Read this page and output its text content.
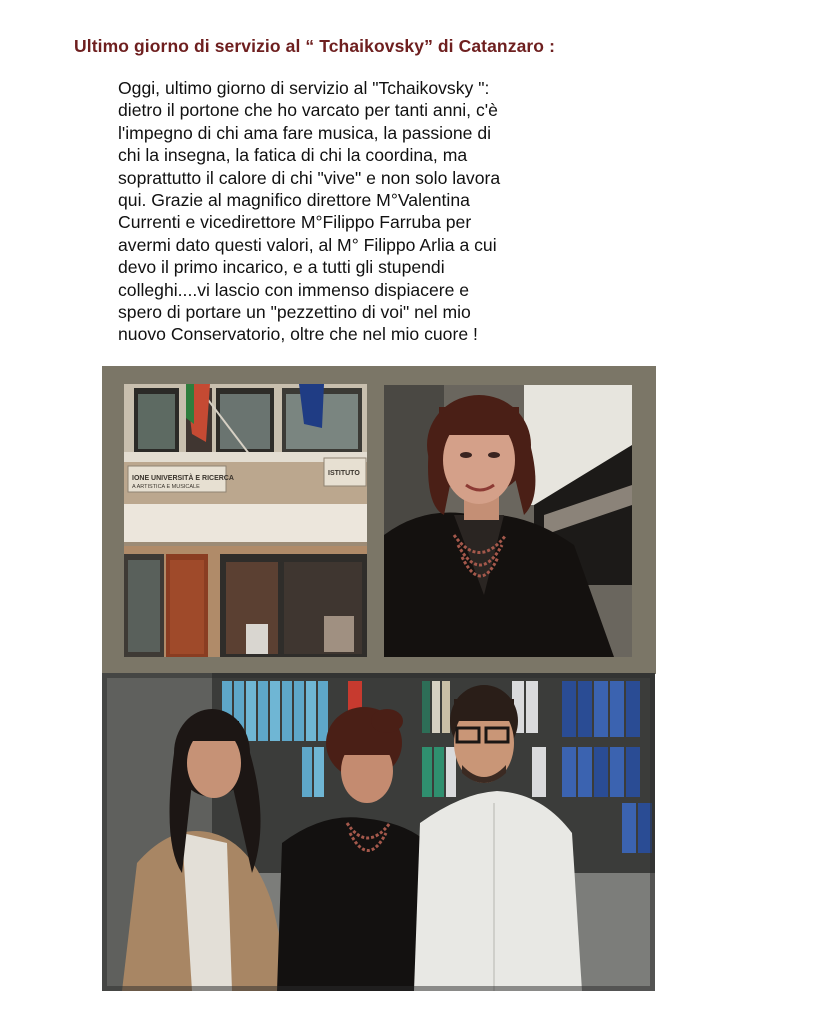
Ultimo giorno di servizio al “ Tchaikovsky” di Catanzaro :
Oggi, ultimo giorno di servizio al "Tchaikovsky ":
dietro il portone che ho varcato per tanti anni, c'è
l'impegno di chi ama fare musica, la passione di
chi la insegna, la fatica di chi la coordina, ma
soprattutto il calore di chi "vive" e non solo lavora
qui. Grazie al magnifico direttore M°Valentina
Currenti e vicedirettore M°Filippo Farruba per
avermi dato questi valori, al M° Filippo Arlia a cui
devo il primo incarico, e a tutti gli stupendi
colleghi....vi lascio con immenso dispiacere e
spero di portare un "pezzettino di voi" nel mio
nuovo Conservatorio, oltre che nel mio cuore !
IONE UNIVERSITÀ E RICERCA
A ARTISTICA E MUSICALE
ISTITUTO
